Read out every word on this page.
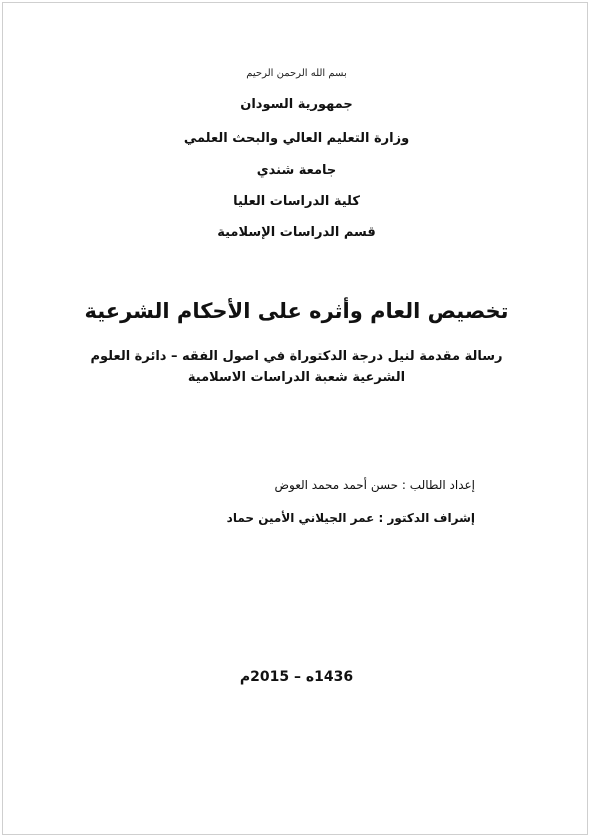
بسم الله الرحمن الرحيم
جمهورية السودان
وزارة التعليم العالي والبحث العلمي
جامعة شندي
كلية الدراسات العليا
قسم الدراسات الإسلامية
تخصيص العام وأثره على الأحكام الشرعية
رسالة مقدمة لنيل درجة الدكتوراة في اصول الفقه – دائرة العلوم
الشرعية شعبة الدراسات الاسلامية
إعداد الطالب : حسن أحمد محمد العوض
إشراف الدكتور : عمر الجيلاني الأمين حماد
1436ه – 2015م
